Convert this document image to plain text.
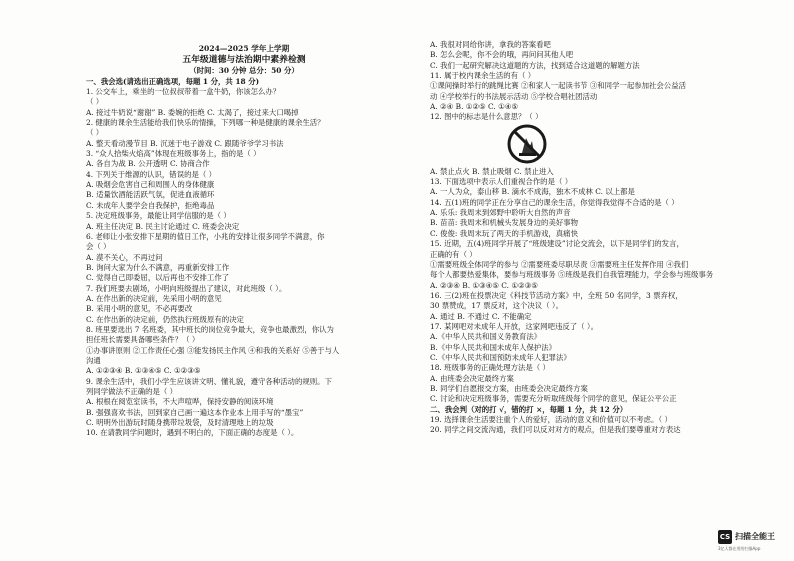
2024—2025 学年上学期
五年级道德与法治期中素养检测
（时间：30 分钟 总分：50 分）
一、我会选(请选出正确选项，每题 1 分，共 18 分)
1. 公交车上，乘坐的一位叔叔带着一盒牛奶，你该怎么办？
（ ）
A. 接过牛奶说“谢谢” B. 委婉的拒绝 C. 太渴了，接过来大口喝掉
2. 健康的课余生活能给我们快乐的情操，下列哪一种是健康的课余生活？
（ ）
A. 整天看动漫节目 B. 沉迷于电子游戏 C. 跟随爷爷学习书法
3. “众人拾柴火焰高”体现在班级事务上，指的是（ ）
A. 各自为战 B. 公开透明 C. 协商合作
4. 下列关于维源的认识，错误的是（ ）
A. 吸烟会危害自己和周围人的身体健康
B. 适量饮酒能活跃气氛，促进血液循环
C. 未成年人要学会自我保护，拒绝毒品
5. 决定班级事务，最能让同学信服的是（ ）
A. 班主任决定 B. 民主讨论通过 C. 班委会决定
6. 老师让小张安排下星期的值日工作，小兆的安排让很多同学不满意，你
会（ ）
A. 漠不关心，不再过问
B. 询问大家为什么不满意，再重新安排工作
C. 觉得自己即委屈，以后再也不安排工作了
7. 我们班要去剧场，小明向班级提出了建议，对此班级（ ）。
A. 在作出新的决定前，先采用小明的意见
B. 采用小明的意见，不必再要改
C. 在作出新的决定前，仍然执行班级原有的决定
8. 班里要选出 7 名班委，其中班长的岗位竞争最大，竞争也最激烈，你认为
担任班长需要具备哪些条件？（ ）
①办事讲原则 ②工作责任心强 ③能发扬民主作风 ④和我的关系好 ⑤善于与人
沟通
A. ①②③④ B. ①③④⑤ C. ①②③⑤
9. 课余生活中，我们小学生应该讲文明、懂礼貌，遵守各种活动的规则。下
列同学做法不正确的是（ ）
A. 根根在阅览室读书，不大声喧哗，保持安静的阅读环境
B. 强强喜欢书法，回到家自己画一遍这本作业本上用手写的“墨宝”
C. 明明外出游玩时随身携带垃圾袋，及时清理地上的垃圾
10. 在请教同学问题时，遇到不明白的，下面正确的态度是（ ）。
A. 我很对同给你讲，拿我的答案看吧
B. 怎么会呢，你不会的哦，再问问其他人吧
C. 我们一起研究解决这道题的方法，找到适合这道题的解题方法
11. 属于校内课余生活的有（ ）
①课间操时举行的跳绳比赛 ②和家人一起读书节 ③和同学一起参加社会公益活
动 ④学校举行的书法展示活动 ⑤学校合唱社团活动
A. ②④ B. ①②⑤ C. ①④⑤
12. 图中的标志是什么意思？（ ）
A. 禁止点火 B. 禁止吸烟 C. 禁止进入
13. 下面选项中表示人们重视合作的是（ ）
A. 一人为众，泰山移 B. 滴水不成海，独木不成林 C. 以上都是
14. 五(1)班的同学正在分享自己的课余生活，你觉得我觉得不合适的是（ ）
A. 乐乐: 我周末到郊野中聆听大自然的声音
B. 苗苗: 我周末和机械头发展身边的美好事物
C. 俊俊: 我周末玩了两天的手机游戏，真痛快
15. 近期，五(4)班同学开展了“班级建设”讨论交流会，以下是同学们的发言，
正确的有（ ）
①需要班级全体同学的参与 ②需要班委尽职尽责 ③需要班主任发挥作用 ④我们
每个人都要热爱集体，要参与班级事务 ⑤班级是我们自我管理能力，学会参与班级事务
A. ②③④ B. ①③④⑤ C. ①②③⑤
16. 三(2)班在投票决定《科技节活动方案》中，全班 50 名同学，3 票弃权，
30 票赞成，17 票反对，这个决议（ ）。
A. 通过 B. 不通过 C. 不能确定
17. 某网吧对未成年人开放，这家网吧违反了（ ）。
A.《中华人民共和国义务教育法》
B.《中华人民共和国未成年人保护法》
C.《中华人民共和国预防未成年人犯罪法》
18. 班级事务的正确处理方法是（ ）
A. 由班委会决定最终方案
B. 同学们自愿报交方案，由班委会决定最终方案
C. 讨论和决定班级事务，需要充分听取班级每个同学的意见，保证公平公正
二、我会判（对的打 √，错的打 ×，每题 1 分，共 12 分）
19. 选择课余生活要注重个人的爱好，活动的意义和价值可以不考虑。（ ）
20. 同学之间交流沟通，我们可以反对对方的观点，但是我们要尊重对方表达
CS 扫描全能王
3亿人都在用的扫描App
